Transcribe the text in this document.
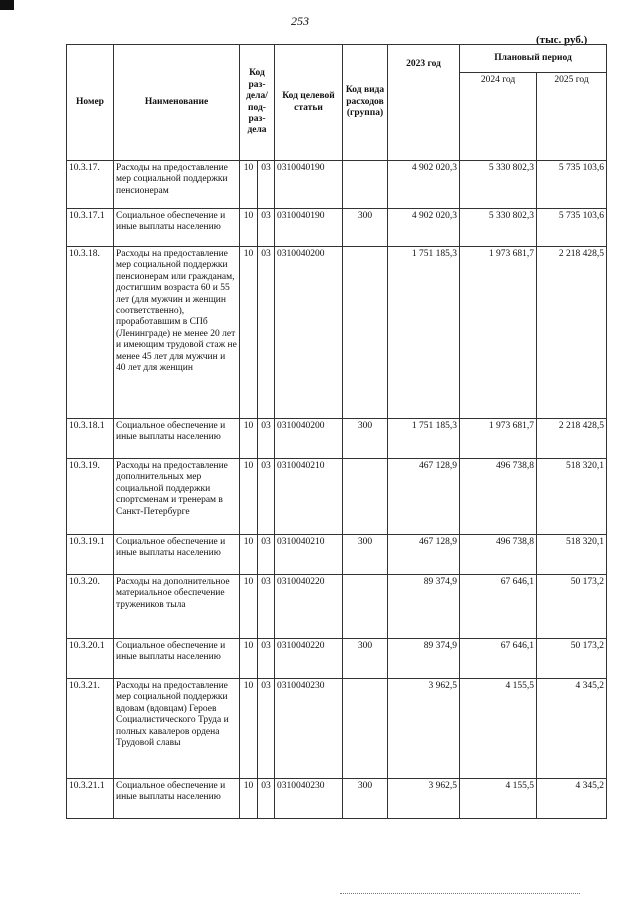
253
(тыс. руб.)
Номер	Наименование	Код раз-дела/ под-раз-дела		Код целевой статьи	Код вида расходов (группа)	2023 год	Плановый период	
							2024 год	2025 год
10.3.17.	Расходы на предоставление мер социальной поддержки пенсионерам	10	03	0310040190		4 902 020,3	5 330 802,3	5 735 103,6
10.3.17.1	Социальное обеспечение и иные выплаты населению	10	03	0310040190	300	4 902 020,3	5 330 802,3	5 735 103,6
10.3.18.	Расходы на предоставление мер социальной поддержки пенсионерам или гражданам, достигшим возраста 60 и 55 лет (для мужчин и женщин соответственно), проработавшим в СПб (Ленинграде) не менее 20 лет и имеющим трудовой стаж не менее 45 лет для мужчин и 40 лет для женщин	10	03	0310040200		1 751 185,3	1 973 681,7	2 218 428,5
10.3.18.1	Социальное обеспечение и иные выплаты населению	10	03	0310040200	300	1 751 185,3	1 973 681,7	2 218 428,5
10.3.19.	Расходы на предоставление дополнительных мер социальной поддержки спортсменам и тренерам в Санкт-Петербурге	10	03	0310040210		467 128,9	496 738,8	518 320,1
10.3.19.1	Социальное обеспечение и иные выплаты населению	10	03	0310040210	300	467 128,9	496 738,8	518 320,1
10.3.20.	Расходы на дополнительное материальное обеспечение тружеников тыла	10	03	0310040220		89 374,9	67 646,1	50 173,2
10.3.20.1	Социальное обеспечение и иные выплаты населению	10	03	0310040220	300	89 374,9	67 646,1	50 173,2
10.3.21.	Расходы на предоставление мер социальной поддержки вдовам (вдовцам) Героев Социалистического Труда и полных кавалеров ордена Трудовой славы	10	03	0310040230		3 962,5	4 155,5	4 345,2
10.3.21.1	Социальное обеспечение и иные выплаты населению	10	03	0310040230	300	3 962,5	4 155,5	4 345,2
